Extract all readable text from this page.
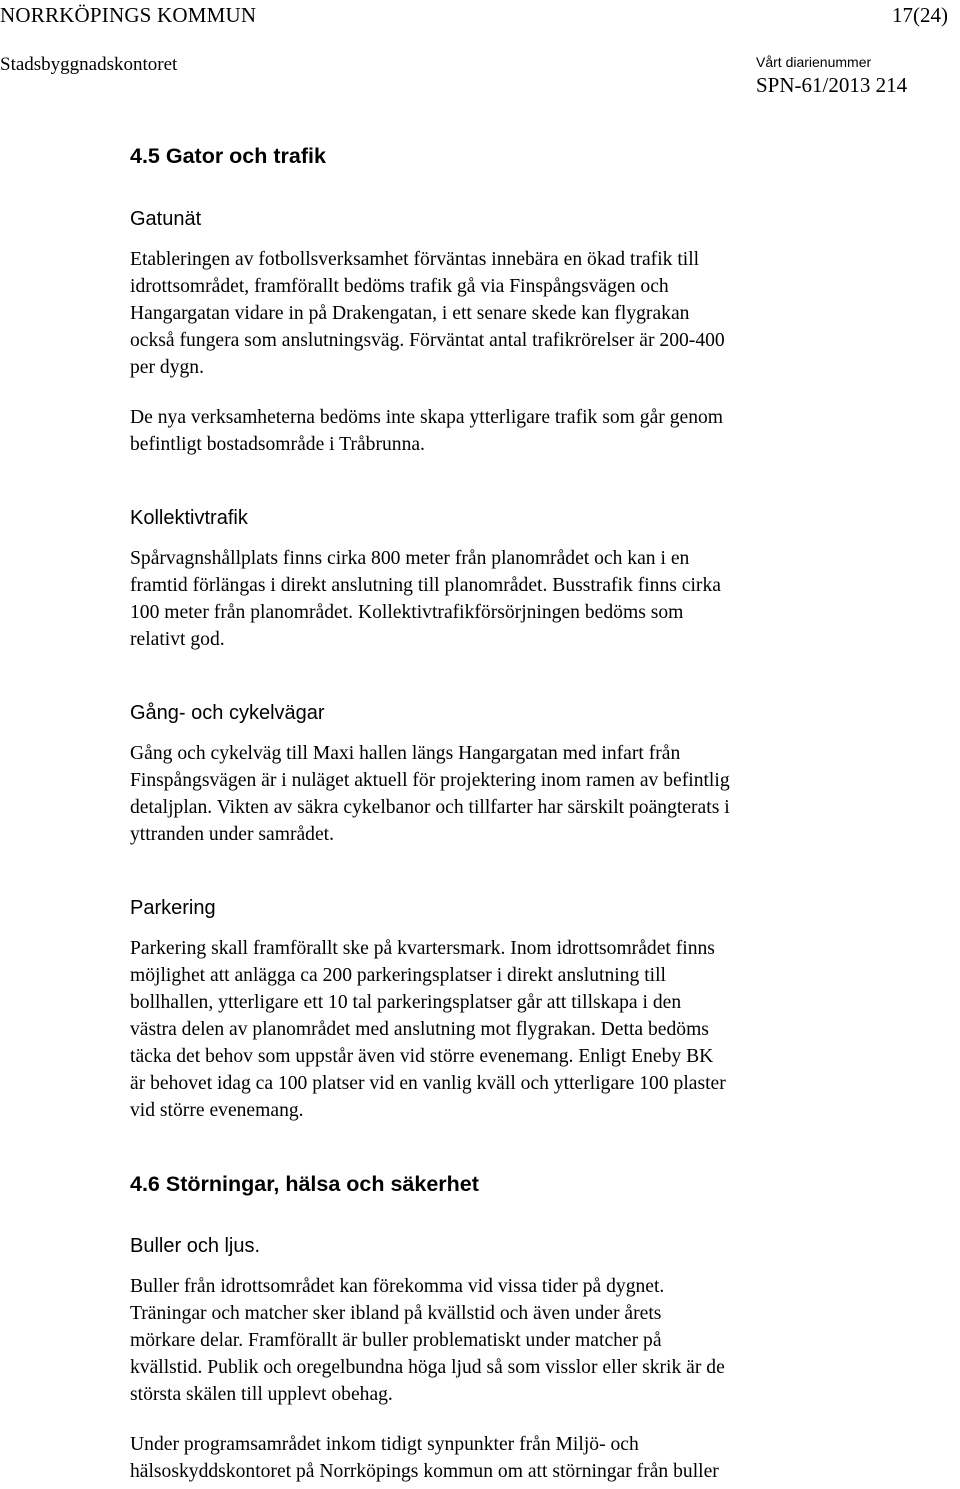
NORRKÖPINGS KOMMUN	17(24)
Stadsbyggnadskontoret	Vårt diarienummer
SPN-61/2013 214
4.5 Gator och trafik
Gatunät
Etableringen av fotbollsverksamhet förväntas innebära en ökad trafik till
idrottsområdet, framförallt bedöms trafik gå via Finspångsvägen och
Hangargatan vidare in på Drakengatan, i ett senare skede kan flygrakan
också fungera som anslutningsväg. Förväntat antal trafikrörelser är 200-400
per dygn.
De nya verksamheterna bedöms inte skapa ytterligare trafik som går genom
befintligt bostadsområde i Tråbrunna.
Kollektivtrafik
Spårvagnshållplats finns cirka 800 meter från planområdet och kan i en
framtid förlängas i direkt anslutning till planområdet. Busstrafik finns cirka
100 meter från planområdet. Kollektivtrafikförsörjningen bedöms som
relativt god.
Gång- och cykelvägar
Gång och cykelväg till Maxi hallen längs Hangargatan med infart från
Finspångsvägen är i nuläget aktuell för projektering inom ramen av befintlig
detaljplan. Vikten av säkra cykelbanor och tillfarter har särskilt poängterats i
yttranden under samrådet.
Parkering
Parkering skall framförallt ske på kvartersmark. Inom idrottsområdet finns
möjlighet att anlägga ca 200 parkeringsplatser i direkt anslutning till
bollhallen, ytterligare ett 10 tal parkeringsplatser går att tillskapa i den
västra delen av planområdet med anslutning mot flygrakan. Detta bedöms
täcka det behov som uppstår även vid större evenemang. Enligt Eneby BK
är behovet idag ca 100 platser vid en vanlig kväll och ytterligare 100 plaster
vid större evenemang.
4.6 Störningar, hälsa och säkerhet
Buller och ljus.
Buller från idrottsområdet kan förekomma vid vissa tider på dygnet.
Träningar och matcher sker ibland på kvällstid och även under årets
mörkare delar. Framförallt är buller problematiskt under matcher på
kvällstid. Publik och oregelbundna höga ljud så som visslor eller skrik är de
största skälen till upplevt obehag.
Under programsamrådet inkom tidigt synpunkter från Miljö- och
hälsoskyddskontoret på Norrköpings kommun om att störningar från buller
